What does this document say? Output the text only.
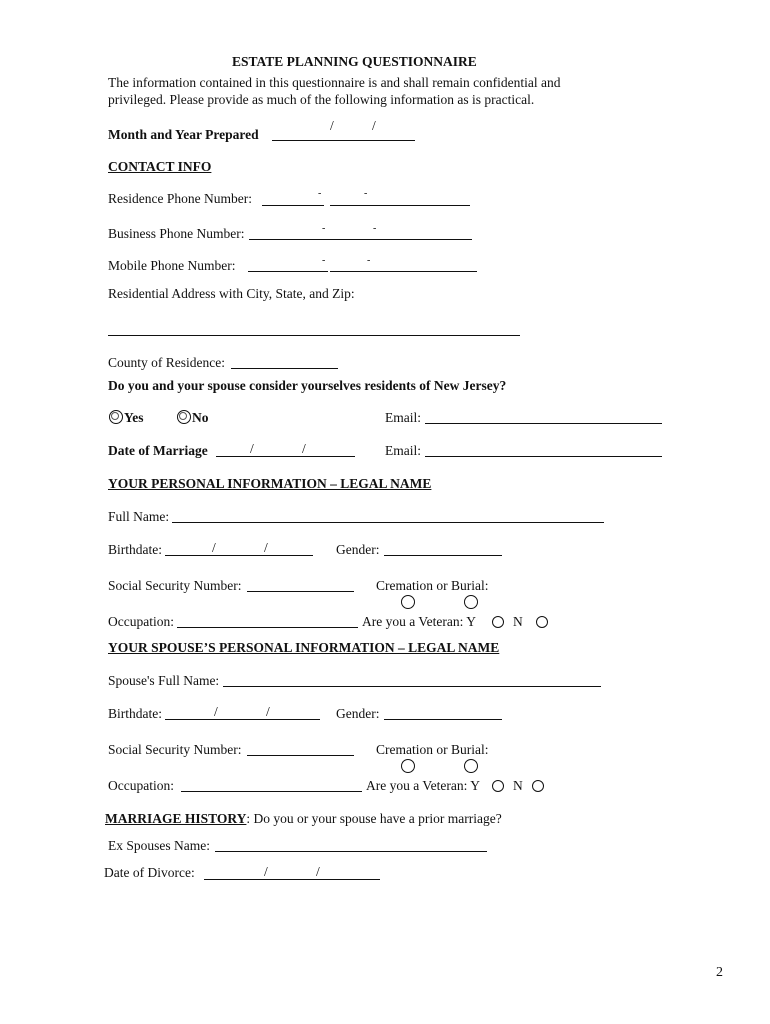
ESTATE PLANNING QUESTIONNAIRE
The information contained in this questionnaire is and shall remain confidential and
privileged. Please provide as much of the following information as is practical.
Month and Year Prepared
/	/
CONTACT INFO
Residence Phone Number:	-	-
Business Phone Number:	-	-
Mobile Phone Number:	-	-
Residential Address with City, State, and Zip:
County of Residence:
Do you and your spouse consider yourselves residents of New Jersey?
Yes	No	Email:
Date of Marriage	/	/	Email:
YOUR PERSONAL INFORMATION – LEGAL NAME
Full Name:
Birthdate:	/	/	Gender:
Social Security Number:	Cremation or Burial:
Occupation:	Are you a Veteran: Y	N
YOUR SPOUSE’S PERSONAL INFORMATION – LEGAL NAME
Spouse's Full Name:
Birthdate:	/	/	Gender:
Social Security Number:	Cremation or Burial:
Occupation:	Are you a Veteran: Y N
MARRIAGE HISTORY: Do you or your spouse have a prior marriage?
Ex Spouses Name:
Date of Divorce:	/	/
2
